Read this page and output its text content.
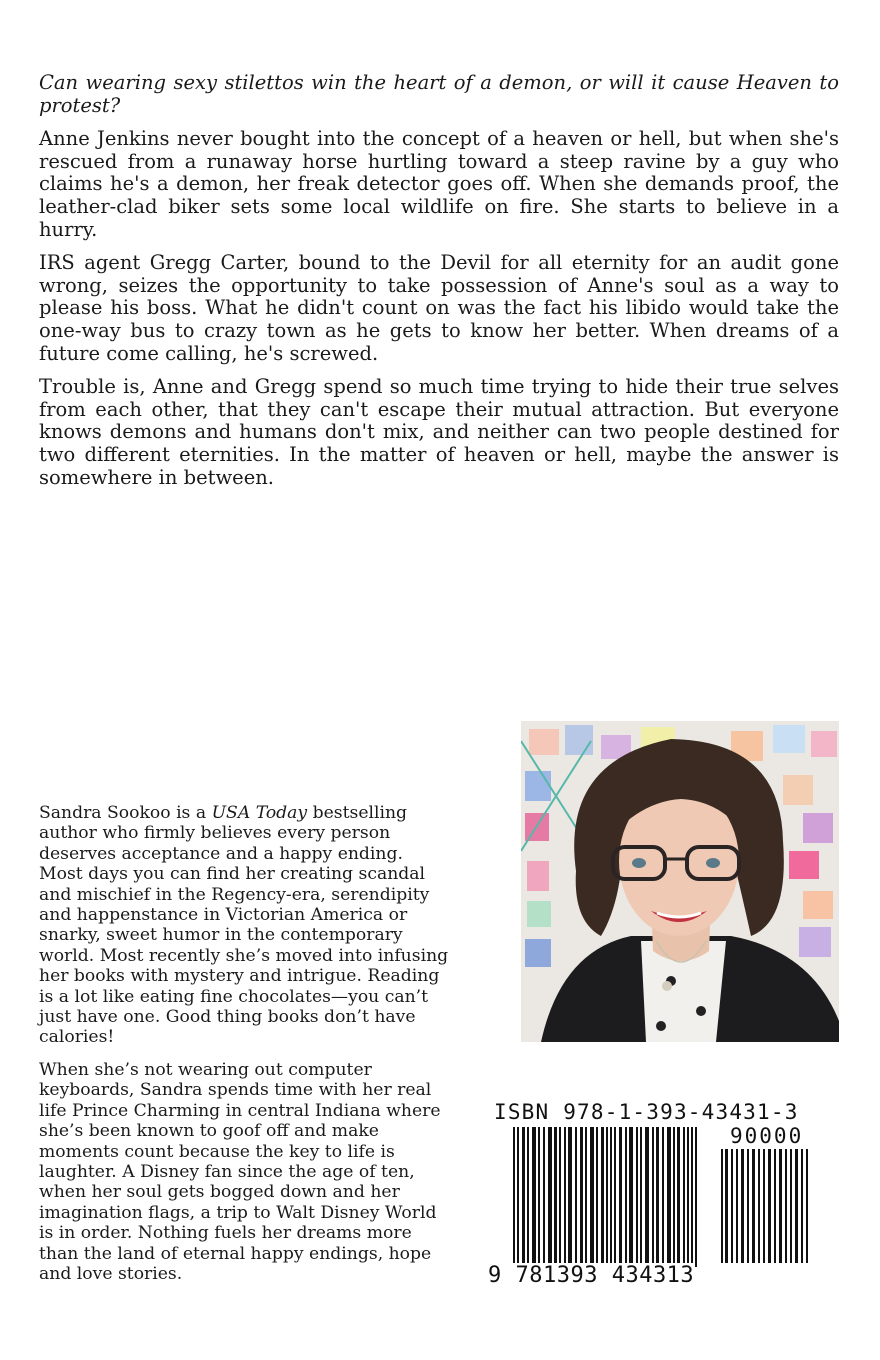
Can wearing sexy stilettos win the heart of a demon, or will it cause Heaven to protest?

Anne Jenkins never bought into the concept of a heaven or hell, but when she's rescued from a runaway horse hurtling toward a steep ravine by a guy who claims he's a demon, her freak detector goes off. When she demands proof, the leather-clad biker sets some local wildlife on fire. She starts to believe in a hurry.

IRS agent Gregg Carter, bound to the Devil for all eternity for an audit gone wrong, seizes the opportunity to take possession of Anne's soul as a way to please his boss. What he didn't count on was the fact his libido would take the one-way bus to crazy town as he gets to know her better. When dreams of a future come calling, he's screwed.

Trouble is, Anne and Gregg spend so much time trying to hide their true selves from each other, that they can't escape their mutual attraction. But everyone knows demons and humans don't mix, and neither can two people destined for two different eternities. In the matter of heaven or hell, maybe the answer is somewhere in between.

Sandra Sookoo is a USA Today bestselling author who firmly believes every person deserves acceptance and a happy ending. Most days you can find her creating scandal and mischief in the Regency-era, serendipity and happenstance in Victorian America or snarky, sweet humor in the contemporary world. Most recently she’s moved into infusing her books with mystery and intrigue. Reading is a lot like eating fine chocolates—you can’t just have one. Good thing books don’t have calories!

When she’s not wearing out computer keyboards, Sandra spends time with her real life Prince Charming in central Indiana where she’s been known to goof off and make moments count because the key to life is laughter. A Disney fan since the age of ten, when her soul gets bogged down and her imagination flags, a trip to Walt Disney World is in order. Nothing fuels her dreams more than the land of eternal happy endings, hope and love stories.

ISBN 978-1-393-43431-3
90000
9 781393 434313
